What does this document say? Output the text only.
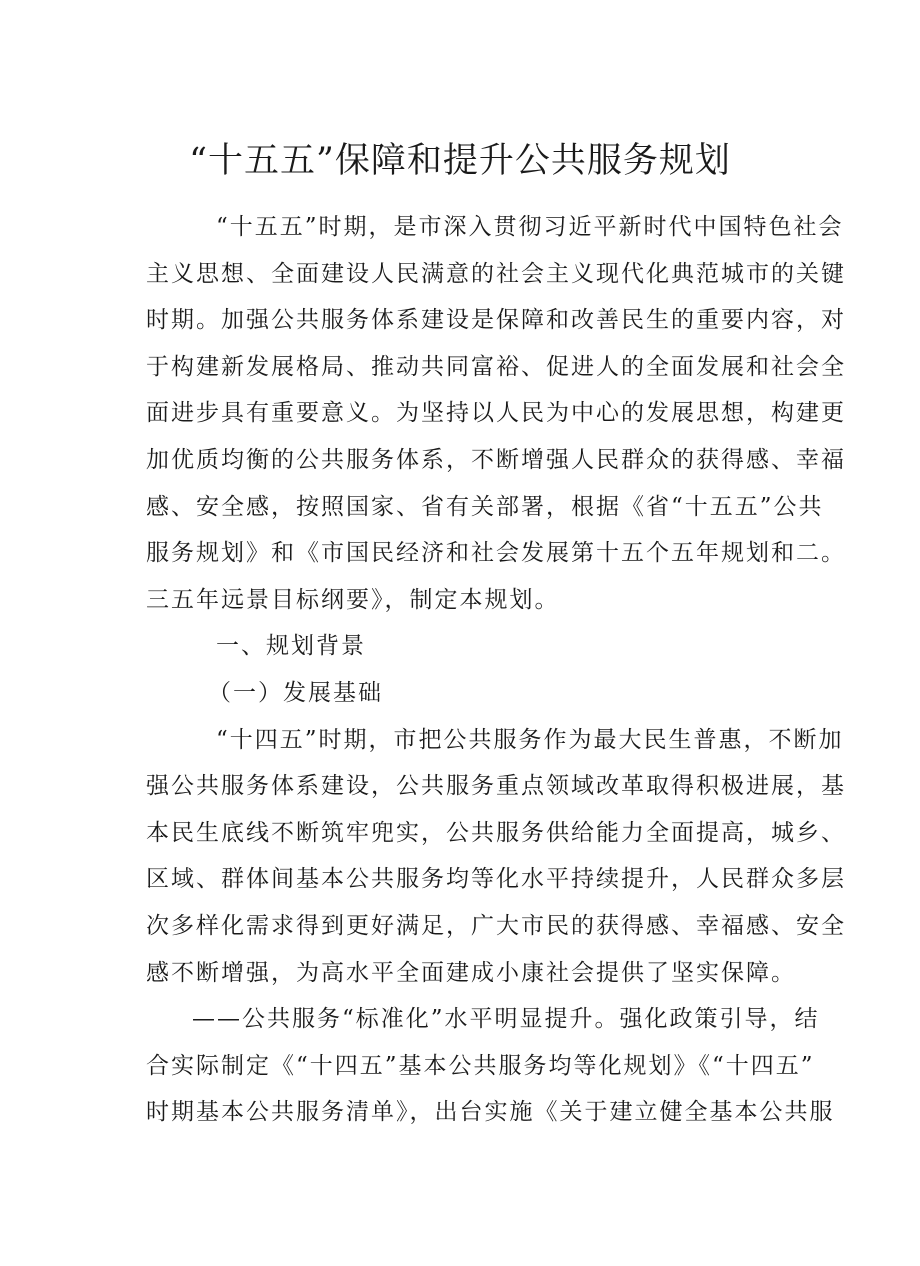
“十五五”保障和提升公共服务规划
“十五五”时期，是市深入贯彻习近平新时代中国特色社会
主义思想、全面建设人民满意的社会主义现代化典范城市的关键
时期。加强公共服务体系建设是保障和改善民生的重要内容，对
于构建新发展格局、推动共同富裕、促进人的全面发展和社会全
面进步具有重要意义。为坚持以人民为中心的发展思想，构建更
加优质均衡的公共服务体系，不断增强人民群众的获得感、幸福
感、安全感，按照国家、省有关部署，根据《省“十五五”公共
服务规划》和《市国民经济和社会发展第十五个五年规划和二。
三五年远景目标纲要》，制定本规划。
一、规划背景
（一）发展基础
“十四五”时期，市把公共服务作为最大民生普惠，不断加
强公共服务体系建设，公共服务重点领域改革取得积极进展，基
本民生底线不断筑牢兜实，公共服务供给能力全面提高，城乡、
区域、群体间基本公共服务均等化水平持续提升，人民群众多层
次多样化需求得到更好满足，广大市民的获得感、幸福感、安全
感不断增强，为高水平全面建成小康社会提供了坚实保障。
——公共服务“标准化”水平明显提升。强化政策引导，结
合实际制定《“十四五”基本公共服务均等化规划》《“十四五”
时期基本公共服务清单》，出台实施《关于建立健全基本公共服
